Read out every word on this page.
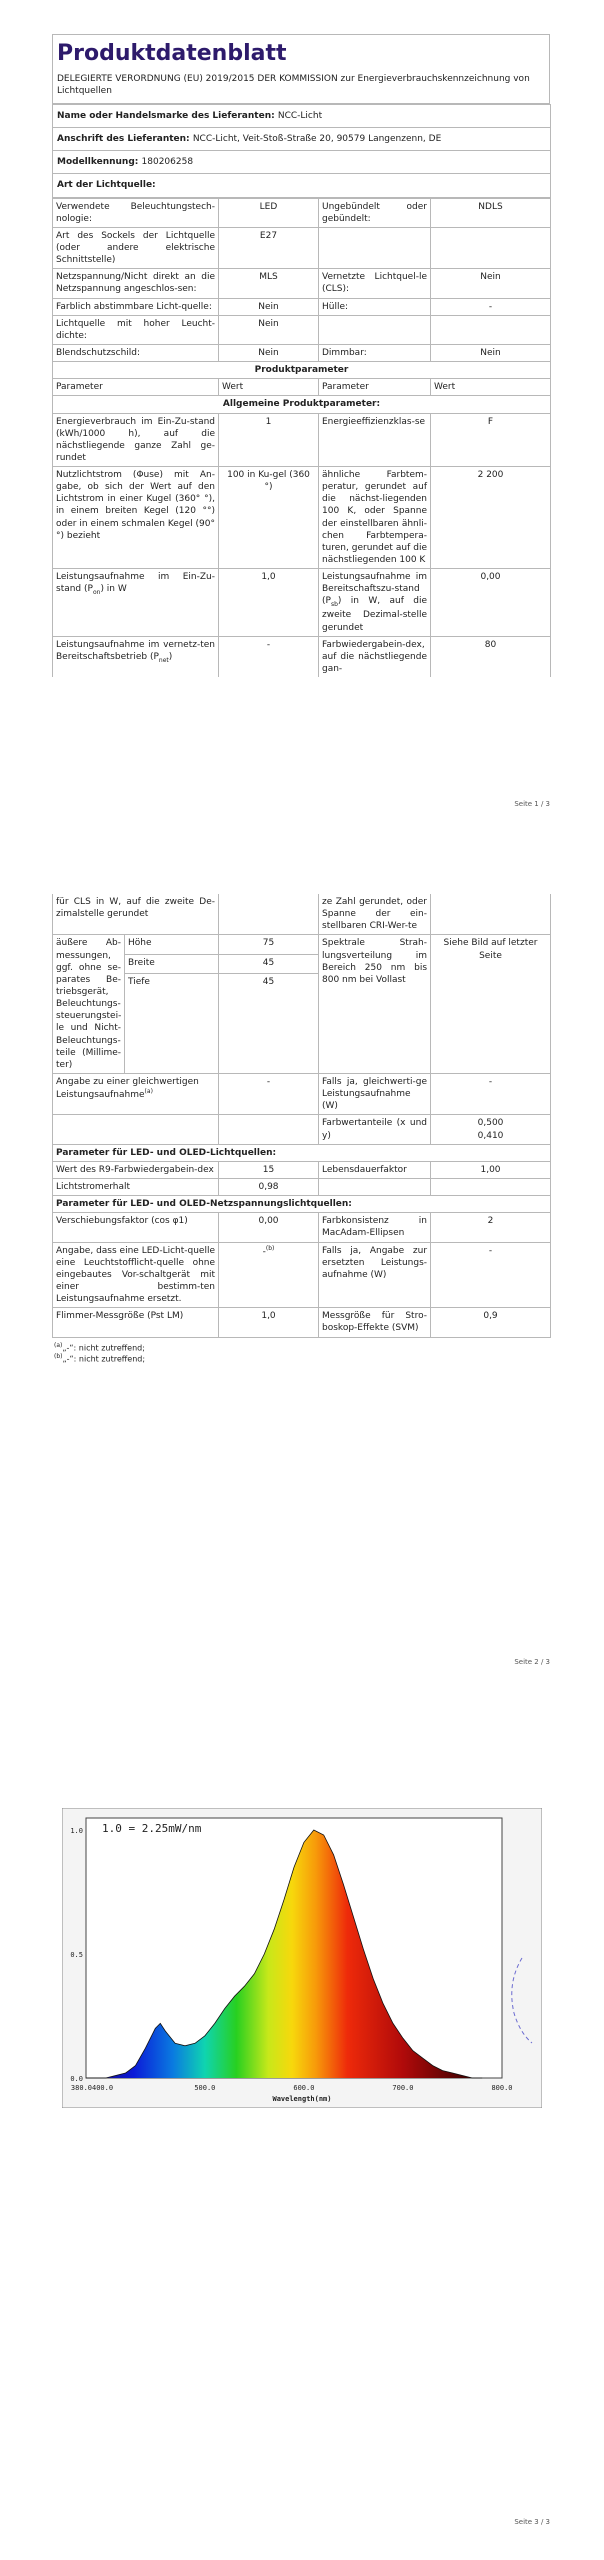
Produktdatenblatt
DELEGIERTE VERORDNUNG (EU) 2019/2015 DER KOMMISSION zur Energieverbrauchskennzeichnung von Lichtquellen
Name oder Handelsmarke des Lieferanten: NCC-Licht
Anschrift des Lieferanten: NCC-Licht, Veit-Stoß-Straße 20, 90579 Langenzenn, DE
Modellkennung: 180206258
Art der Lichtquelle:
Verwendete Beleuchtungstech-nologie:	LED	Ungebündelt oder gebündelt:	NDLS
Art des Sockels der Lichtquelle (oder andere elektrische Schnittstelle)	E27		
Netzspannung/Nicht direkt an die Netzspannung angeschlos-sen:	MLS	Vernetzte Lichtquel-le (CLS):	Nein
Farblich abstimmbare Licht-quelle:	Nein	Hülle:	-
Lichtquelle mit hoher Leucht-dichte:	Nein		
Blendschutzschild:	Nein	Dimmbar:	Nein
Produktparameter			
Parameter	Wert	Parameter	Wert
Allgemeine Produktparameter:			
Energieverbrauch im Ein-Zu-stand (kWh/1000 h), auf die nächstliegende ganze Zahl ge-rundet	1	Energieeffizienzklas-se	F
Nutzlichtstrom (Φuse) mit An-gabe, ob sich der Wert auf den Lichtstrom in einer Kugel (360° °), in einem breiten Kegel (120 °°) oder in einem schmalen Kegel (90° °) bezieht	100 in Ku-gel (360 °)	ähnliche Farbtem-peratur, gerundet auf die nächst-liegenden 100 K, oder Spanne der einstellbaren ähnli-chen Farbtempera-turen, gerundet auf die nächstliegenden 100 K	2 200
Leistungsaufnahme im Ein-Zu-stand $(P_{on})$ in W	1,0	Leistungsaufnahme im Bereitschaftszu-stand $(P_{sb})$ in W, auf die zweite Dezimal-stelle gerundet	0,00
Leistungsaufnahme im vernetz-ten Bereitschaftsbetrieb $(P_{net})$	-	Farbwiedergabein-dex, auf die nächstliegende gan-	80
Seite 1 / 3
für CLS in W, auf die zweite De-zimalstelle gerundet			ze Zahl gerundet, oder Spanne der ein-stellbaren CRI-Wer-te	
äußere Ab-messungen, ggf. ohne se-parates Be-triebsgerät, Beleuchtungs-steuerungstei-le und Nicht-Beleuchtungs-teile (Millime-ter)	Höhe	75	Spektrale Strah-lungsverteilung im Bereich 250 nm bis 800 nm bei Vollast	Siehe Bild auf letzter Seite
	Breite	45		
	Tiefe	45		
Angabe zu einer gleichwertigen Leistungsaufnahme$^{(a)}$		-	Falls ja, gleichwerti-ge Leistungsaufnahme (W)	-
			Farbwertanteile (x und y)	0,500
0,410

Parameter für LED- und OLED-Lichtquellen:				
Wert des R9-Farbwiedergabein-dex		15	Lebensdauerfaktor	1,00
Lichtstromerhalt		0,98		
Parameter für LED- und OLED-Netzspannungslichtquellen:				
Verschiebungsfaktor (cos φ1)		0,00	Farbkonsistenz in MacAdam-Ellipsen	2
Angabe, dass eine LED-Licht-quelle eine Leuchtstofflicht-quelle ohne eingebautes Vor-schaltgerät mit einer bestimm-ten Leistungsaufnahme ersetzt.		-$^{(b)}$	Falls ja, Angabe zur ersetzten Leistungs-aufnahme (W)	-
Flimmer-Messgröße (Pst LM)		1,0	Messgröße für Stro-boskop-Effekte (SVM)	0,9
$^{(a)}$„-“: nicht zutreffend;
$^{(b)}$„-“: nicht zutreffend;
Seite 2 / 3
Seite 3 / 3
380.0400.0	500.0	600.0	700.0	800.0
1.0
0.5
0.0
1.0 = 2.25mW/nm
Wavelength(nm)
